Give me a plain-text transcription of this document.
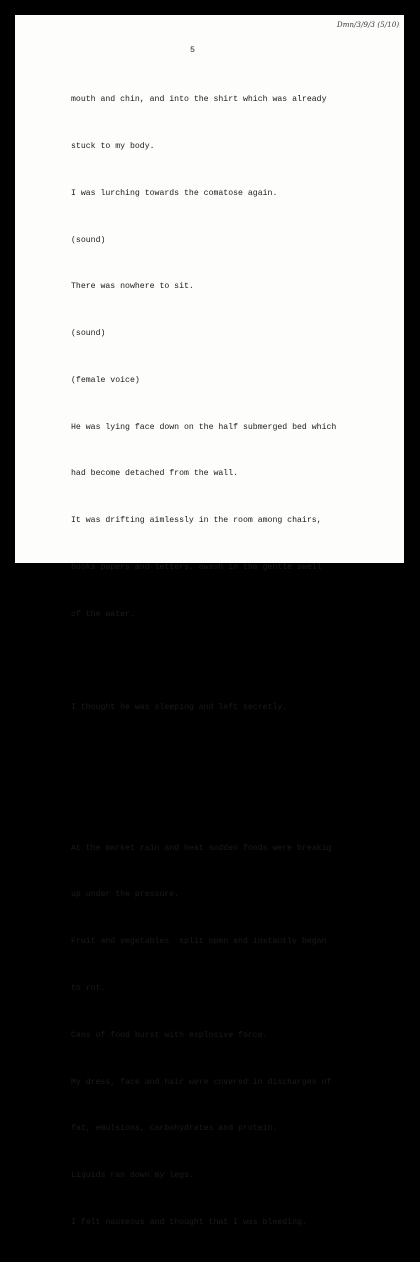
Dmn/3/9/3 (5/10)
5

mouth and chin, and into the shirt which was already

stuck to my body.

I was lurching towards the comatose again.

(sound)

There was nowhere to sit.

(sound)

(female voice)

He was lying face down on the half submerged bed which

had become detached from the wall.

It was drifting aimlessly in the room among chairs,

books papers and letters, awash in the gentle swell

of the water.

I thought he was sleeping and left secretly.

At the market rain and heat sodden foods were breakig

up under the pressure.

Fruit and vegetables  split open and instantly began

to rot.

Cans of food burst with explosive force.

My dress, face and hair were covered in discharges of

fat, emulsions, carbohydrates and protein.

Liquids ran down my legs.

I felt nauseous and thought that I was bleeding.
